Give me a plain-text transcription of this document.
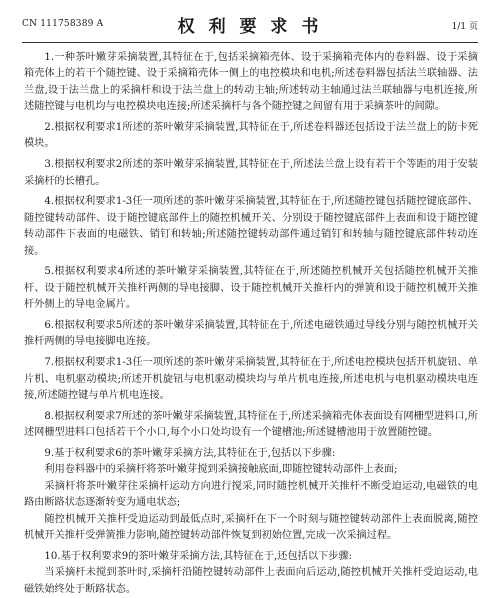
CN 111758389 A	权 利 要 求 书	1/1 页

1.一种茶叶嫩芽采摘装置,其特征在于,包括采摘箱壳体、设于采摘箱壳体内的卷料器、设于采摘箱壳体上的若干个随控键、设于采摘箱壳体一侧上的电控模块和电机;所述卷料器包括法兰联轴器、法兰盘,设于法兰盘上的采摘杆和设于法兰盘上的转动主轴;所述转动主轴通过法兰联轴器与电机连接,所述随控键与电机均与电控模块电连接;所述采摘杆与各个随控键之间留有用于采摘茶叶的间隙。

2.根据权利要求1所述的茶叶嫩芽采摘装置,其特征在于,所述卷料器还包括设于法兰盘上的防卡死模块。

3.根据权利要求2所述的茶叶嫩芽采摘装置,其特征在于,所述法兰盘上设有若干个等距的用于安装采摘杆的长槽孔。

4.根据权利要求1-3任一项所述的茶叶嫩芽采摘装置,其特征在于,所述随控键包括随控键底部件、随控键转动部件、设于随控键底部件上的随控机械开关、分别设于随控键底部件上表面和设于随控键转动部件下表面的电磁铁、销钉和转轴;所述随控键转动部件通过销钉和转轴与随控键底部件转动连接。

5.根据权利要求4所述的茶叶嫩芽采摘装置,其特征在于,所述随控机械开关包括随控机械开关推杆、设于随控机械开关推杆两侧的导电接脚、设于随控机械开关推杆内的弹簧和设于随控机械开关推杆外侧上的导电金属片。

6.根据权利要求5所述的茶叶嫩芽采摘装置,其特征在于,所述电磁铁通过导线分别与随控机械开关推杆两侧的导电接脚电连接。

7.根据权利要求1-3任一项所述的茶叶嫩芽采摘装置,其特征在于,所述电控模块包括开机旋钮、单片机、电机驱动模块;所述开机旋钮与电机驱动模块均与单片机电连接,所述电机与电机驱动模块电连接,所述随控键与单片机电连接。

8.根据权利要求7所述的茶叶嫩芽采摘装置,其特征在于,所述采摘箱壳体表面设有网栅型进料口,所述网栅型进料口包括若干个小口,每个小口处均设有一个键槽池;所述键槽池用于放置随控键。

9.基于权利要求6的茶叶嫩芽采摘方法,其特征在于,包括以下步骤:

利用卷料器中的采摘杆将茶叶嫩芽搅到采摘接触底面,即随控键转动部件上表面;

采摘杆将茶叶嫩芽往采摘杆运动方向进行搅采,同时随控机械开关推杆不断受迫运动,电磁铁的电路由断路状态逐渐转变为通电状态;

随控机械开关推杆受迫运动到最低点时,采摘杆在下一个时刻与随控键转动部件上表面脱离,随控机械开关推杆受弹簧推力影响,随控键转动部件恢复到初始位置,完成一次采摘过程。

10.基于权利要求9的茶叶嫩芽采摘方法,其特征在于,还包括以下步骤:

当采摘杆未搅到茶叶时,采摘杆沿随控键转动部件上表面向后运动,随控机械开关推杆受迫运动,电磁铁始终处于断路状态。
